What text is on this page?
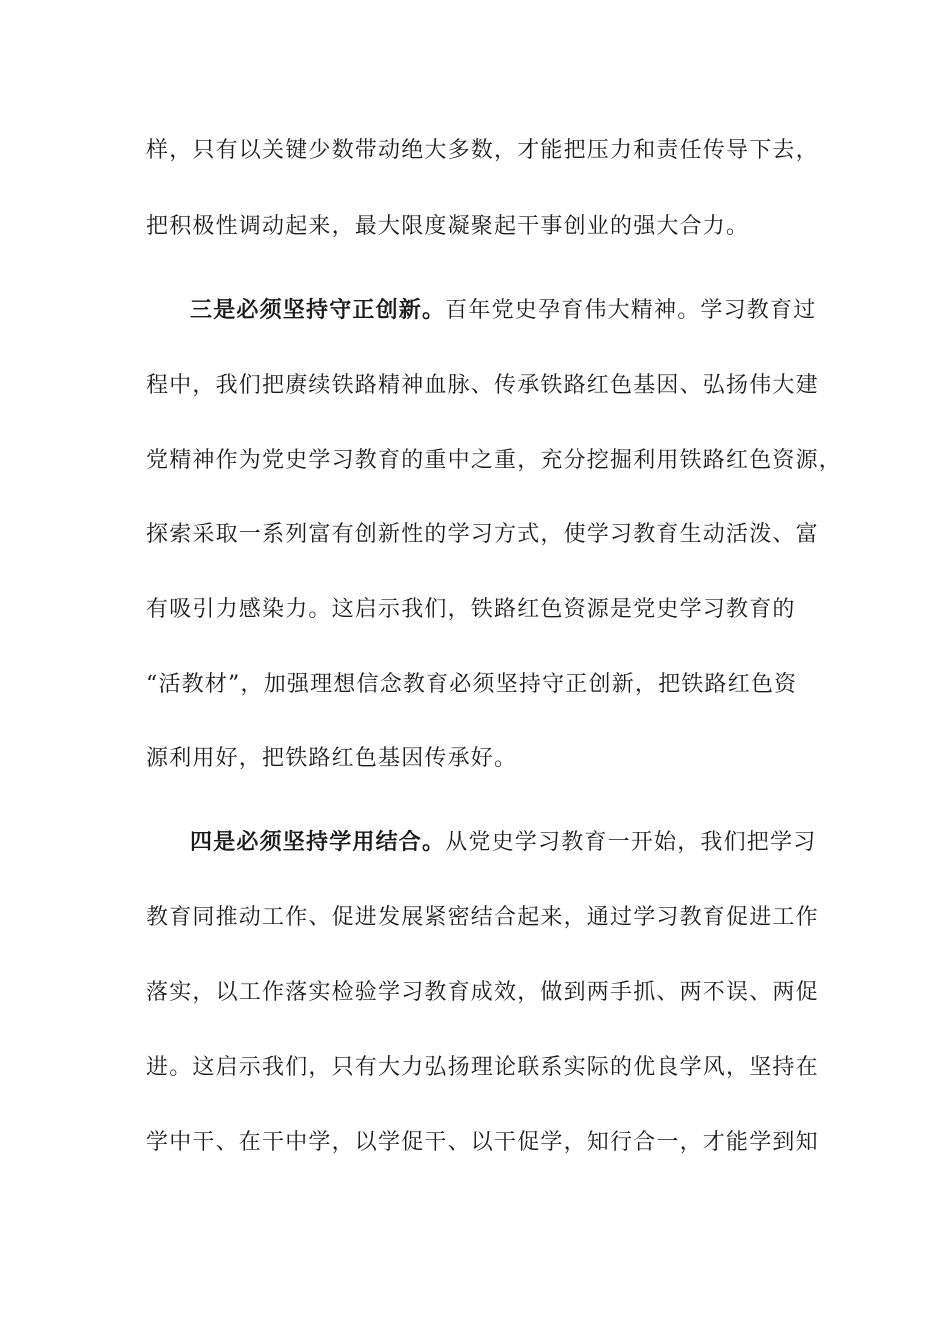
样，只有以关键少数带动绝大多数，才能把压力和责任传导下去，
把积极性调动起来，最大限度凝聚起干事创业的强大合力。
三是必须坚持守正创新。百年党史孕育伟大精神。学习教育过
程中，我们把赓续铁路精神血脉、传承铁路红色基因、弘扬伟大建
党精神作为党史学习教育的重中之重，充分挖掘利用铁路红色资源，
探索采取一系列富有创新性的学习方式，使学习教育生动活泼、富
有吸引力感染力。这启示我们，铁路红色资源是党史学习教育的
“活教材”，加强理想信念教育必须坚持守正创新，把铁路红色资
源利用好，把铁路红色基因传承好。
四是必须坚持学用结合。从党史学习教育一开始，我们把学习
教育同推动工作、促进发展紧密结合起来，通过学习教育促进工作
落实，以工作落实检验学习教育成效，做到两手抓、两不误、两促
进。这启示我们，只有大力弘扬理论联系实际的优良学风，坚持在
学中干、在干中学，以学促干、以干促学，知行合一，才能学到知
